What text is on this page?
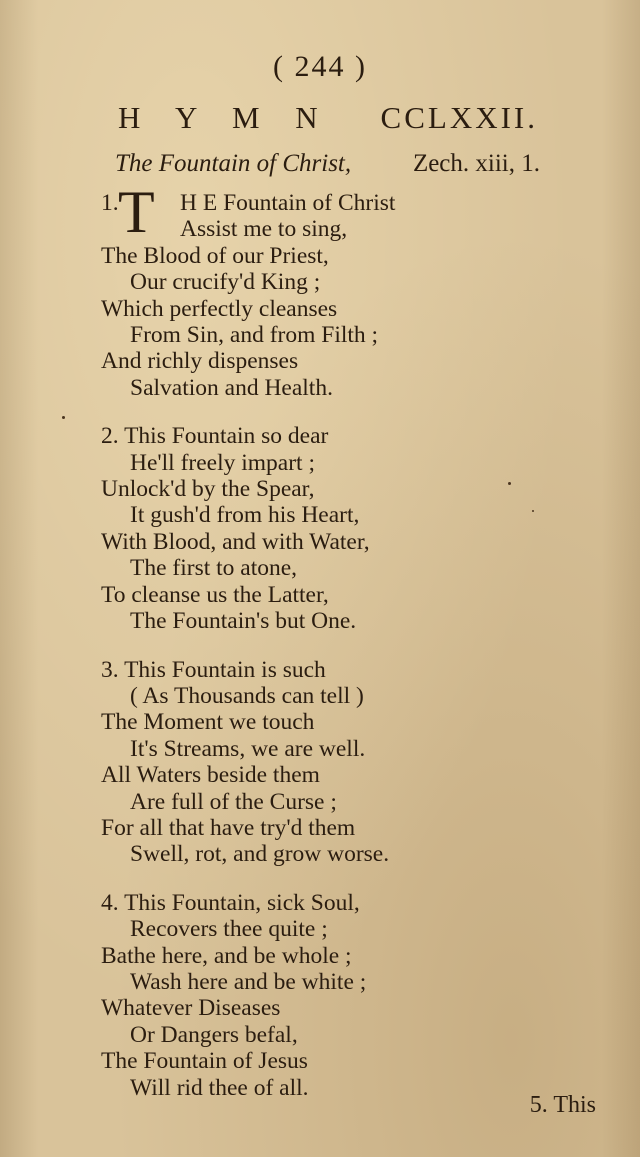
( 244 )
H Y M N CCLXXII.
The Fountain of Christ, Zech. xiii, 1.
1. T H E Fountain of Christ
Assist me to sing,
The Blood of our Priest,
Our crucify'd King ;
Which perfectly cleanses
From Sin, and from Filth ;
And richly dispenses
Salvation and Health.
2. This Fountain so dear
He'll freely impart ;
Unlock'd by the Spear,
It gush'd from his Heart,
With Blood, and with Water,
The first to atone,
To cleanse us the Latter,
The Fountain's but One.
3. This Fountain is such
( As Thousands can tell )
The Moment we touch
It's Streams, we are well.
All Waters beside them
Are full of the Curse ;
For all that have try'd them
Swell, rot, and grow worse.
4. This Fountain, sick Soul,
Recovers thee quite ;
Bathe here, and be whole ;
Wash here and be white ;
Whatever Diseases
Or Dangers befal,
The Fountain of Jesus
Will rid thee of all.
5. This
